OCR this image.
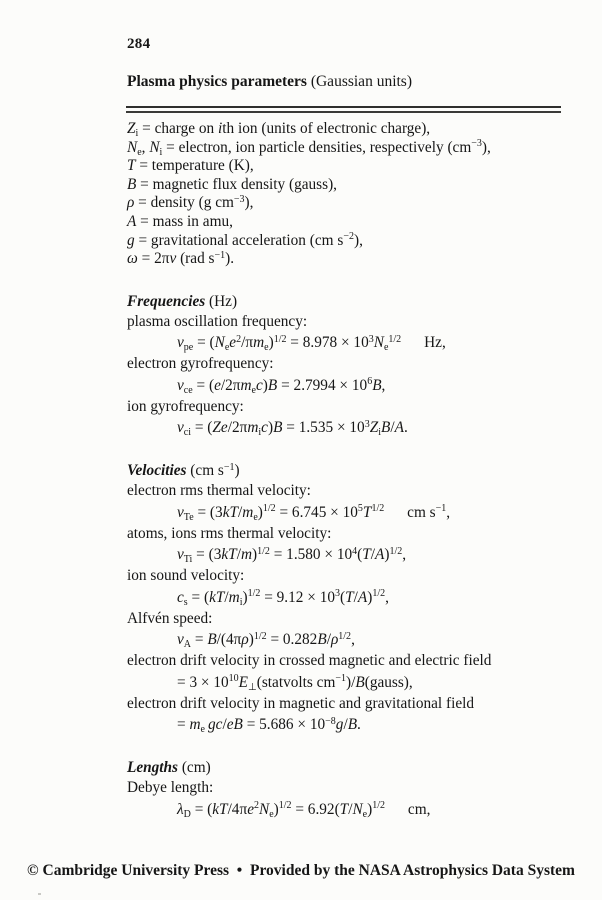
284
Plasma physics parameters (Gaussian units)
$Z_i$ = charge on ith ion (units of electronic charge),
$N_e$, $N_i$ = electron, ion particle densities, respectively $(cm^{-3})$,
T = temperature (K),
B = magnetic flux density (gauss),
ρ = density (g $cm^{-3}$),
A = mass in amu,
g = gravitational acceleration (cm $s^{-2}$),
ω = 2πν (rad $s^{-1}$).
Frequencies (Hz)
plasma oscillation frequency:
$\nu_{pe} = (N_ee^2/\pi m_e)^{1/2} = 8.978 \times 10^3N_e^{1/2}$  Hz,
electron gyrofrequency:
$\nu_{ce} = (e/2\pi m_ec)B = 2.7994 \times 10^6B$,
ion gyrofrequency:
$\nu_{ci} = (Ze/2\pi m_ic)B = 1.535 \times 10^3Z_iB/A$.
Velocities (cm $s^{-1}$)
electron rms thermal velocity:
$v_{Te} = (3kT/m_e)^{1/2} = 6.745 \times 10^5T^{1/2}$  cm $s^{-1}$,
atoms, ions rms thermal velocity:
$v_{Ti} = (3kT/m)^{1/2} = 1.580 \times 10^4(T/A)^{1/2}$,
ion sound velocity:
$c_s = (kT/m_i)^{1/2} = 9.12 \times 10^3(T/A)^{1/2}$,
Alfvén speed:
$v_A = B/(4\pi\rho)^{1/2} = 0.282B/\rho^{1/2}$,
electron drift velocity in crossed magnetic and electric field
= $3 \times 10^{10}E_\perp(statvolts$ $cm^{-1})/B(gauss)$,
electron drift velocity in magnetic and gravitational field
= $m_e$  $gc/eB = 5.686 \times 10^{-8}g/B$.
Lengths (cm)
Debye length:
$\lambda_D = (kT/4\pi e^2N_e)^{1/2} = 6.92(T/N_e)^{1/2}$  cm,
© Cambridge University Press • Provided by the NASA Astrophysics Data System
